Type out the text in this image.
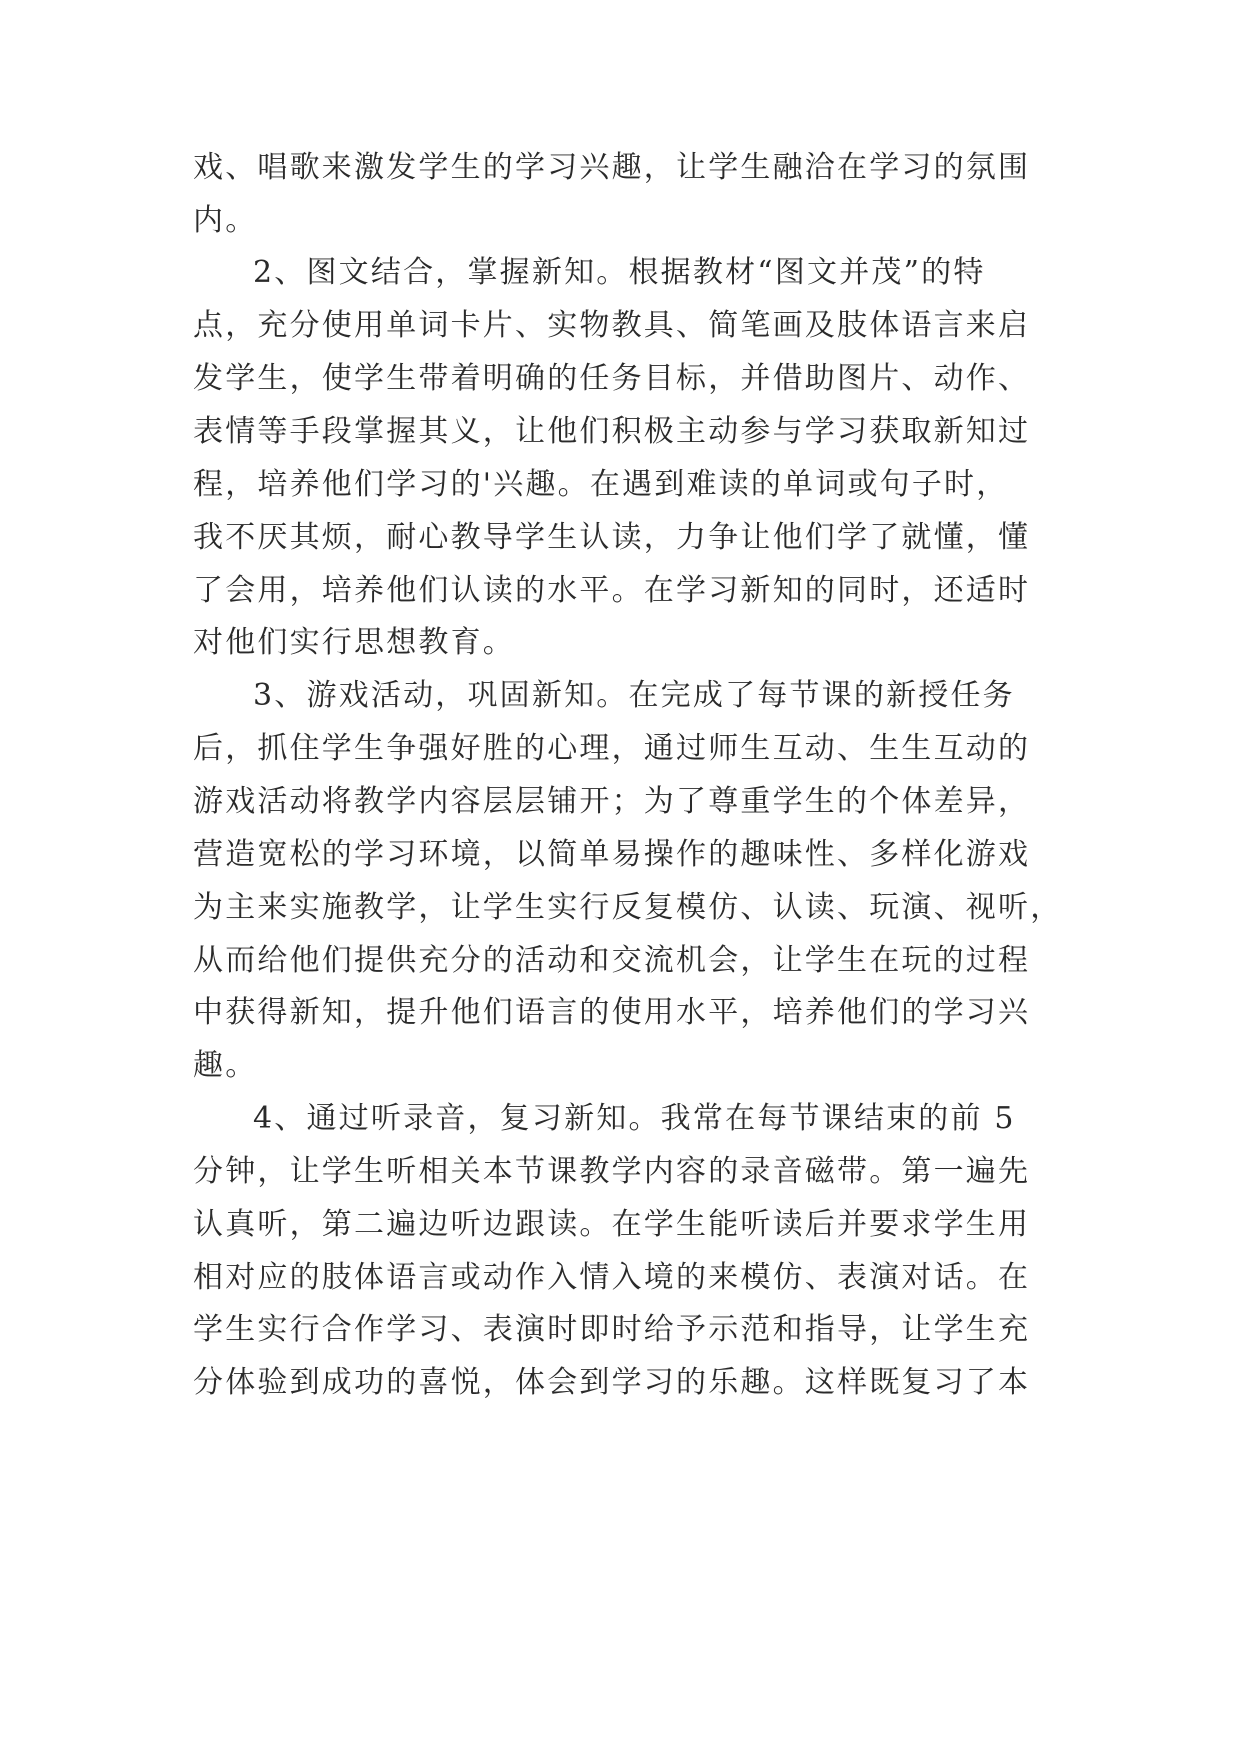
戏、唱歌来激发学生的学习兴趣，让学生融洽在学习的氛围
内。
2、图文结合，掌握新知。根据教材“图文并茂”的特
点，充分使用单词卡片、实物教具、简笔画及肢体语言来启
发学生，使学生带着明确的任务目标，并借助图片、动作、
表情等手段掌握其义，让他们积极主动参与学习获取新知过
程，培养他们学习的'兴趣。在遇到难读的单词或句子时，
我不厌其烦，耐心教导学生认读，力争让他们学了就懂，懂
了会用，培养他们认读的水平。在学习新知的同时，还适时
对他们实行思想教育。
3、游戏活动，巩固新知。在完成了每节课的新授任务
后，抓住学生争强好胜的心理，通过师生互动、生生互动的
游戏活动将教学内容层层铺开；为了尊重学生的个体差异，
营造宽松的学习环境，以简单易操作的趣味性、多样化游戏
为主来实施教学，让学生实行反复模仿、认读、玩演、视听，
从而给他们提供充分的活动和交流机会，让学生在玩的过程
中获得新知，提升他们语言的使用水平，培养他们的学习兴
趣。
4、通过听录音，复习新知。我常在每节课结束的前 5
分钟，让学生听相关本节课教学内容的录音磁带。第一遍先
认真听，第二遍边听边跟读。在学生能听读后并要求学生用
相对应的肢体语言或动作入情入境的来模仿、表演对话。在
学生实行合作学习、表演时即时给予示范和指导，让学生充
分体验到成功的喜悦，体会到学习的乐趣。这样既复习了本
